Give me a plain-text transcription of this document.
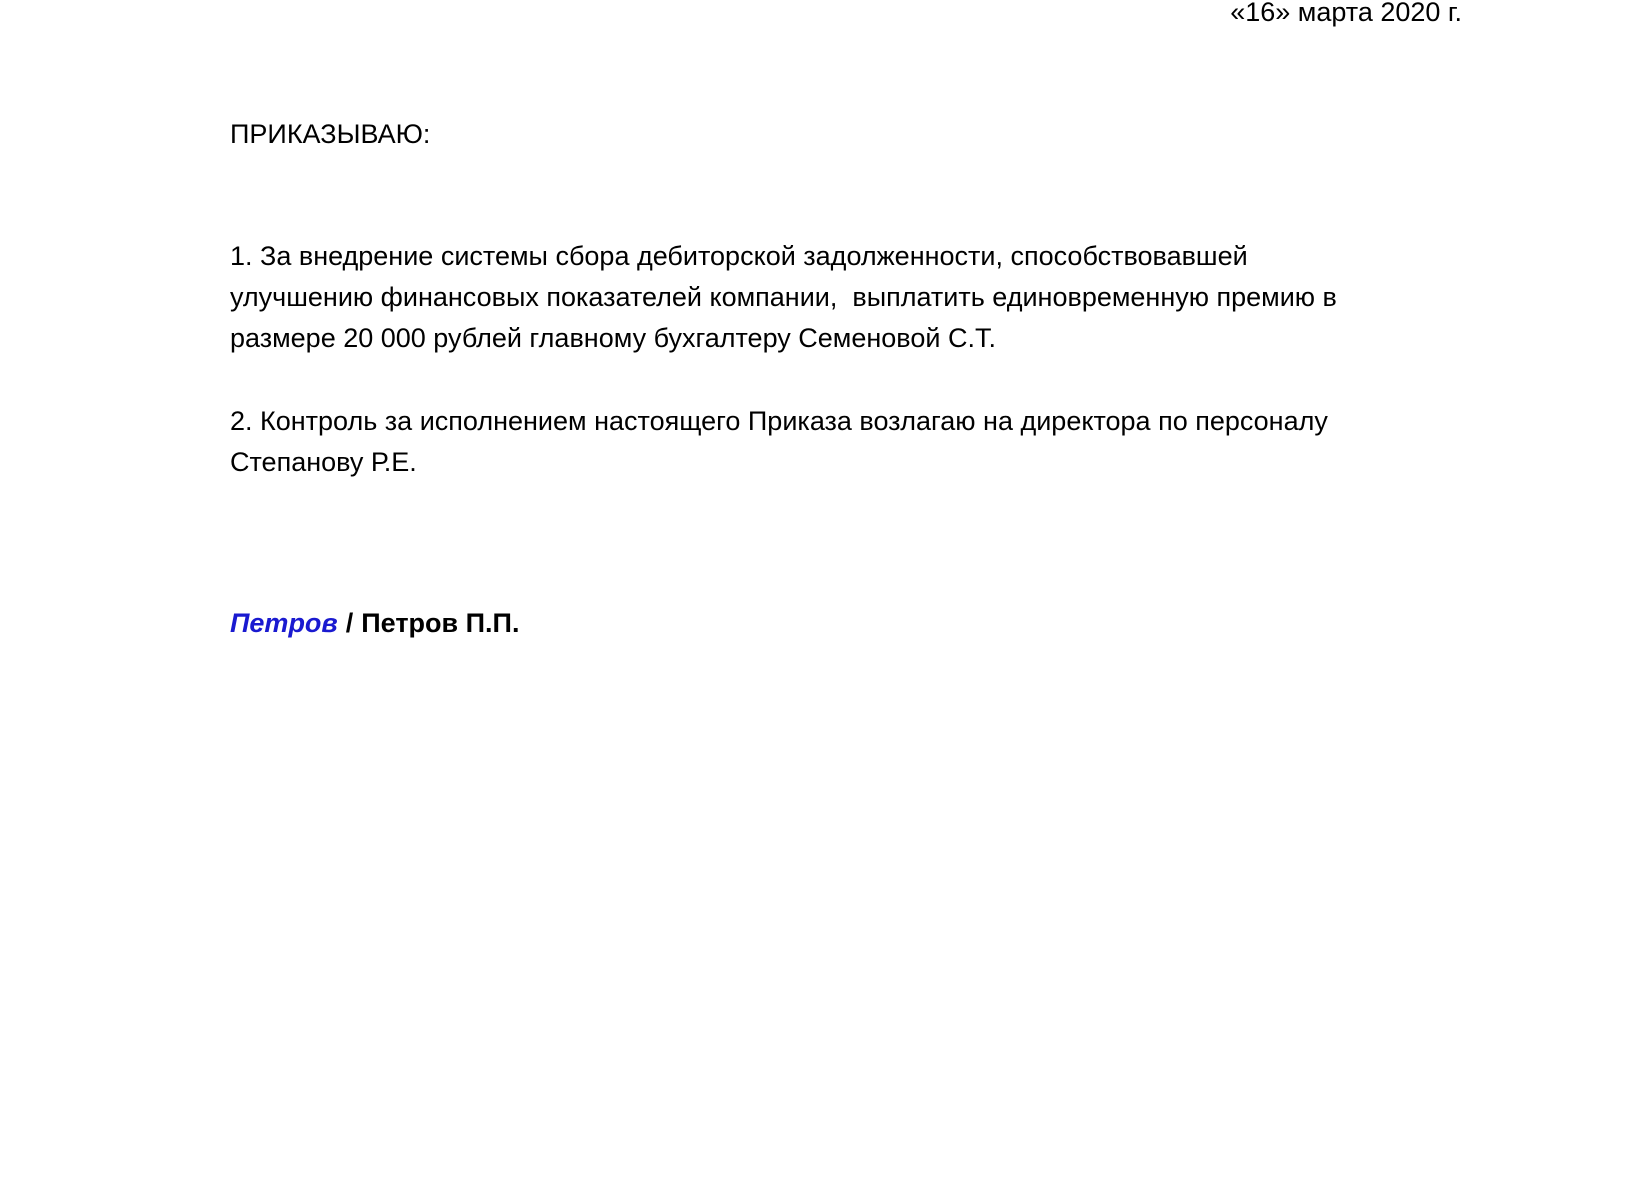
«16» марта 2020 г.
ПРИКАЗЫВАЮ:
1. За внедрение системы сбора дебиторской задолженности, способствовавшей
улучшению финансовых показателей компании,  выплатить единовременную премию в
размере 20 000 рублей главному бухгалтеру Семеновой С.Т.
2. Контроль за исполнением настоящего Приказа возлагаю на директора по персоналу
Степанову Р.Е.
Петров / Петров П.П.
